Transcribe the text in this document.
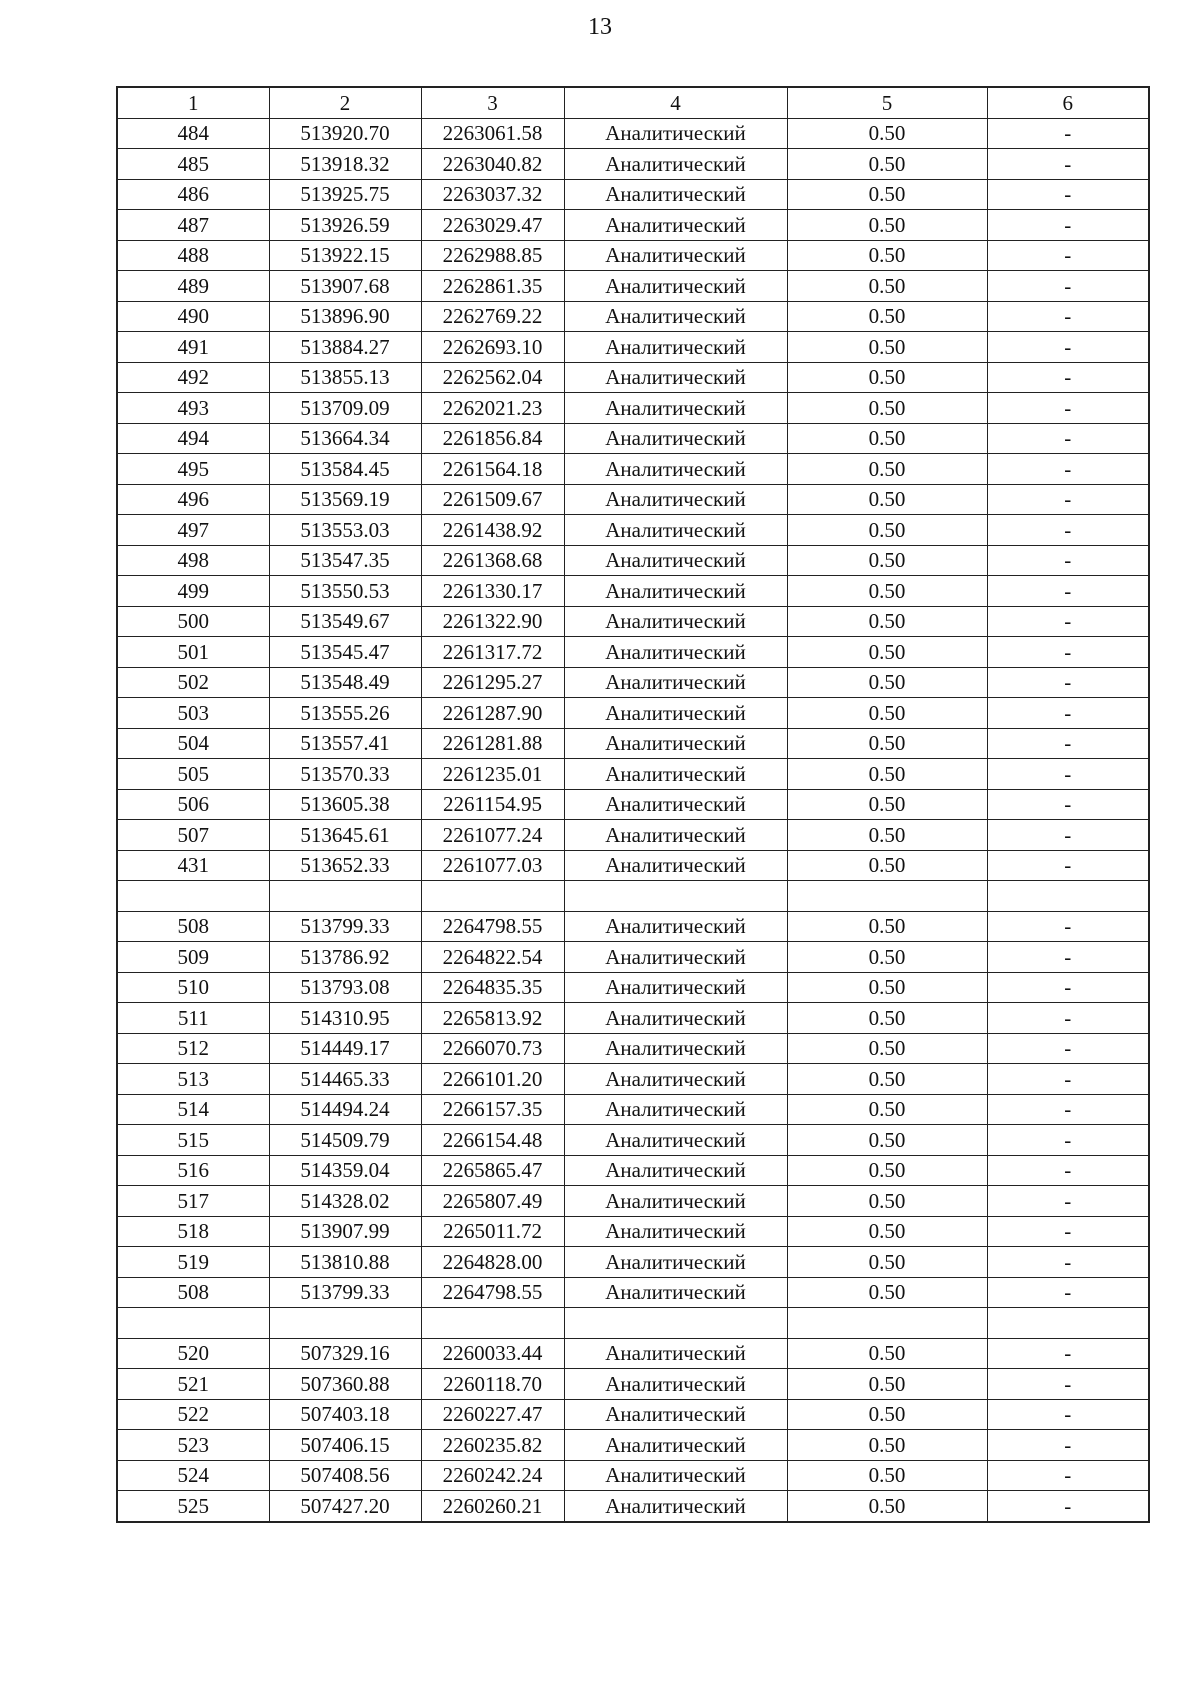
13
1	2	3	4	5	6
484	513920.70	2263061.58	Аналитический	0.50	-
485	513918.32	2263040.82	Аналитический	0.50	-
486	513925.75	2263037.32	Аналитический	0.50	-
487	513926.59	2263029.47	Аналитический	0.50	-
488	513922.15	2262988.85	Аналитический	0.50	-
489	513907.68	2262861.35	Аналитический	0.50	-
490	513896.90	2262769.22	Аналитический	0.50	-
491	513884.27	2262693.10	Аналитический	0.50	-
492	513855.13	2262562.04	Аналитический	0.50	-
493	513709.09	2262021.23	Аналитический	0.50	-
494	513664.34	2261856.84	Аналитический	0.50	-
495	513584.45	2261564.18	Аналитический	0.50	-
496	513569.19	2261509.67	Аналитический	0.50	-
497	513553.03	2261438.92	Аналитический	0.50	-
498	513547.35	2261368.68	Аналитический	0.50	-
499	513550.53	2261330.17	Аналитический	0.50	-
500	513549.67	2261322.90	Аналитический	0.50	-
501	513545.47	2261317.72	Аналитический	0.50	-
502	513548.49	2261295.27	Аналитический	0.50	-
503	513555.26	2261287.90	Аналитический	0.50	-
504	513557.41	2261281.88	Аналитический	0.50	-
505	513570.33	2261235.01	Аналитический	0.50	-
506	513605.38	2261154.95	Аналитический	0.50	-
507	513645.61	2261077.24	Аналитический	0.50	-
431	513652.33	2261077.03	Аналитический	0.50	-

508	513799.33	2264798.55	Аналитический	0.50	-
509	513786.92	2264822.54	Аналитический	0.50	-
510	513793.08	2264835.35	Аналитический	0.50	-
511	514310.95	2265813.92	Аналитический	0.50	-
512	514449.17	2266070.73	Аналитический	0.50	-
513	514465.33	2266101.20	Аналитический	0.50	-
514	514494.24	2266157.35	Аналитический	0.50	-
515	514509.79	2266154.48	Аналитический	0.50	-
516	514359.04	2265865.47	Аналитический	0.50	-
517	514328.02	2265807.49	Аналитический	0.50	-
518	513907.99	2265011.72	Аналитический	0.50	-
519	513810.88	2264828.00	Аналитический	0.50	-
508	513799.33	2264798.55	Аналитический	0.50	-

520	507329.16	2260033.44	Аналитический	0.50	-
521	507360.88	2260118.70	Аналитический	0.50	-
522	507403.18	2260227.47	Аналитический	0.50	-
523	507406.15	2260235.82	Аналитический	0.50	-
524	507408.56	2260242.24	Аналитический	0.50	-
525	507427.20	2260260.21	Аналитический	0.50	-
